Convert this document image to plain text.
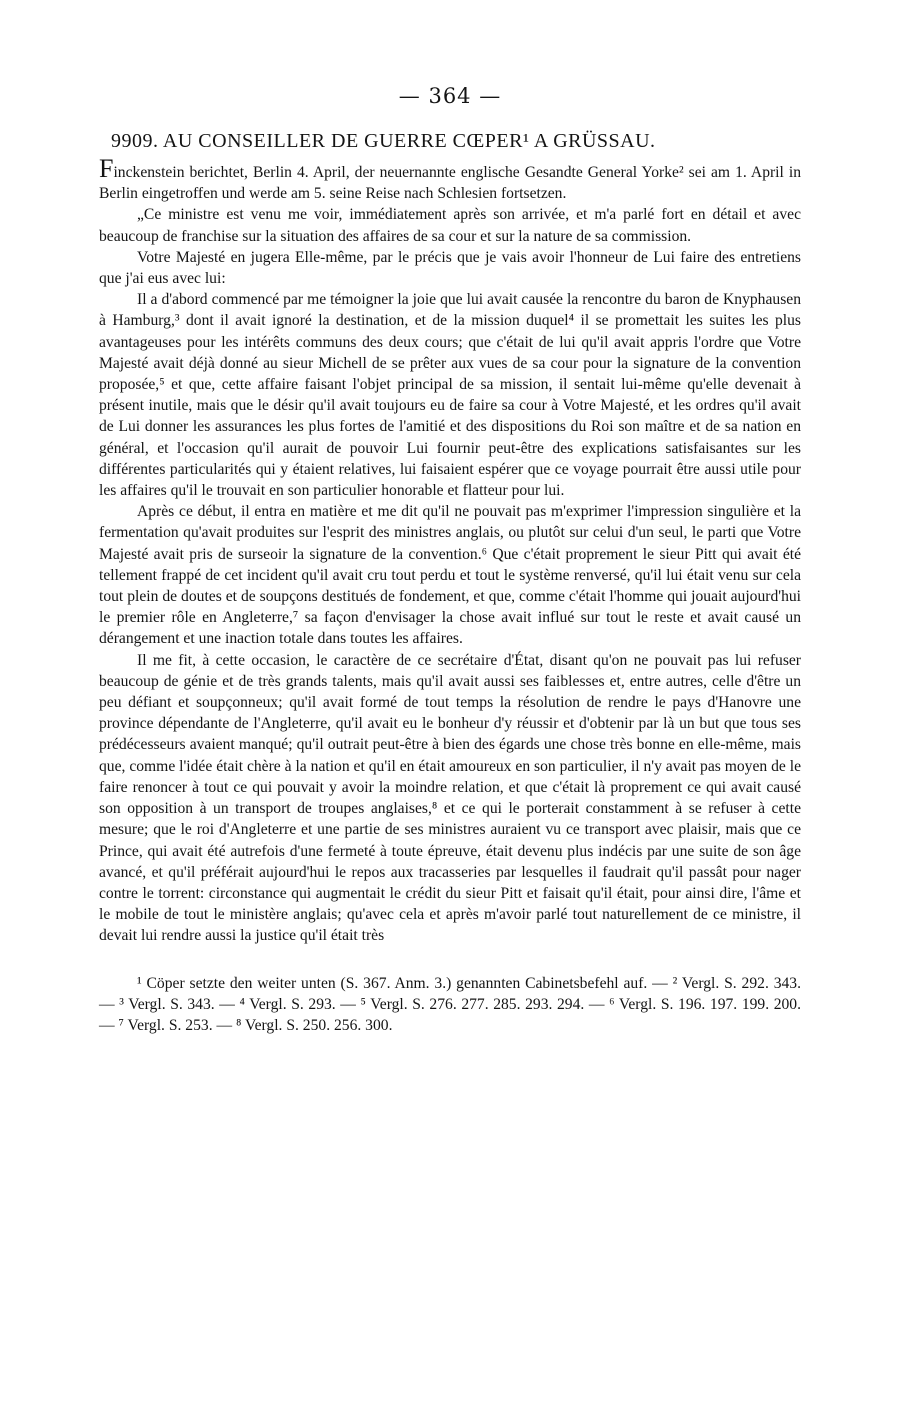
— 364 —
9909. AU CONSEILLER DE GUERRE CŒPER¹ A GRÜSSAU.

Finckenstein berichtet, Berlin 4. April, der neuernannte englische Gesandte General Yorke² sei am 1. April in Berlin eingetroffen und werde am 5. seine Reise nach Schlesien fortsetzen.

„Ce ministre est venu me voir, immédiatement après son arrivée, et m'a parlé fort en détail et avec beaucoup de franchise sur la situation des affaires de sa cour et sur la nature de sa commission.

Votre Majesté en jugera Elle-même, par le précis que je vais avoir l'honneur de Lui faire des entretiens que j'ai eus avec lui:

Il a d'abord commencé par me témoigner la joie que lui avait causée la rencontre du baron de Knyphausen à Hamburg,³ dont il avait ignoré la destination, et de la mission duquel⁴ il se promettait les suites les plus avantageuses pour les intérêts communs des deux cours; que c'était de lui qu'il avait appris l'ordre que Votre Majesté avait déjà donné au sieur Michell de se prêter aux vues de sa cour pour la signature de la convention proposée,⁵ et que, cette affaire faisant l'objet principal de sa mission, il sentait lui-même qu'elle devenait à présent inutile, mais que le désir qu'il avait toujours eu de faire sa cour à Votre Majesté, et les ordres qu'il avait de Lui donner les assurances les plus fortes de l'amitié et des dispositions du Roi son maître et de sa nation en général, et l'occasion qu'il aurait de pouvoir Lui fournir peut-être des explications satisfaisantes sur les différentes particularités qui y étaient relatives, lui faisaient espérer que ce voyage pourrait être aussi utile pour les affaires qu'il le trouvait en son particulier honorable et flatteur pour lui.

Après ce début, il entra en matière et me dit qu'il ne pouvait pas m'exprimer l'impression singulière et la fermentation qu'avait produites sur l'esprit des ministres anglais, ou plutôt sur celui d'un seul, le parti que Votre Majesté avait pris de surseoir la signature de la convention.⁶ Que c'était proprement le sieur Pitt qui avait été tellement frappé de cet incident qu'il avait cru tout perdu et tout le système renversé, qu'il lui était venu sur cela tout plein de doutes et de soupçons destitués de fondement, et que, comme c'était l'homme qui jouait aujourd'hui le premier rôle en Angleterre,⁷ sa façon d'envisager la chose avait influé sur tout le reste et avait causé un dérangement et une inaction totale dans toutes les affaires.

Il me fit, à cette occasion, le caractère de ce secrétaire d'État, disant qu'on ne pouvait pas lui refuser beaucoup de génie et de très grands talents, mais qu'il avait aussi ses faiblesses et, entre autres, celle d'être un peu défiant et soupçonneux; qu'il avait formé de tout temps la résolution de rendre le pays d'Hanovre une province dépendante de l'Angleterre, qu'il avait eu le bonheur d'y réussir et d'obtenir par là un but que tous ses prédécesseurs avaient manqué; qu'il outrait peut-être à bien des égards une chose très bonne en elle-même, mais que, comme l'idée était chère à la nation et qu'il en était amoureux en son particulier, il n'y avait pas moyen de le faire renoncer à tout ce qui pouvait y avoir la moindre relation, et que c'était là proprement ce qui avait causé son opposition à un transport de troupes anglaises,⁸ et ce qui le porterait constamment à se refuser à cette mesure; que le roi d'Angleterre et une partie de ses ministres auraient vu ce transport avec plaisir, mais que ce Prince, qui avait été autrefois d'une fermeté à toute épreuve, était devenu plus indécis par une suite de son âge avancé, et qu'il préférait aujourd'hui le repos aux tracasseries par lesquelles il faudrait qu'il passât pour nager contre le torrent: circonstance qui augmentait le crédit du sieur Pitt et faisait qu'il était, pour ainsi dire, l'âme et le mobile de tout le ministère anglais; qu'avec cela et après m'avoir parlé tout naturellement de ce ministre, il devait lui rendre aussi la justice qu'il était très

¹ Cöper setzte den weiter unten (S. 367. Anm. 3.) genannten Cabinetsbefehl auf. — ² Vergl. S. 292. 343. — ³ Vergl. S. 343. — ⁴ Vergl. S. 293. — ⁵ Vergl. S. 276. 277. 285. 293. 294. — ⁶ Vergl. S. 196. 197. 199. 200. — ⁷ Vergl. S. 253. — ⁸ Vergl. S. 250. 256. 300.
